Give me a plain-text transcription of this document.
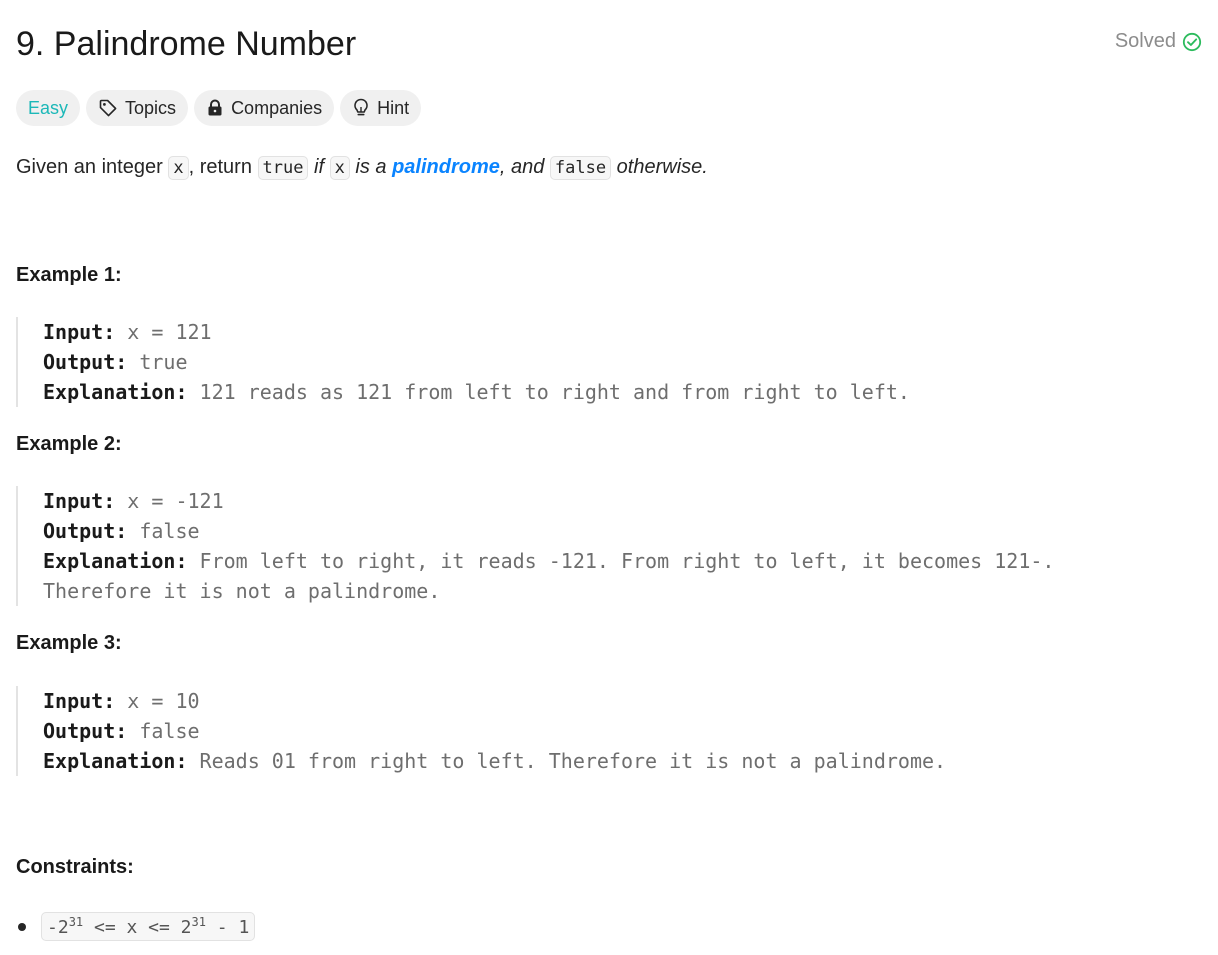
9. Palindrome Number	Solved
Easy	Topics	Companies	Hint
Given an integer x , return true if x is a palindrome, and false otherwise.
Example 1:
Input: x = 121
Output: true
Explanation: 121 reads as 121 from left to right and from right to left.
Example 2:
Input: x = -121
Output: false
Explanation: From left to right, it reads -121. From right to left, it becomes 121-.
Therefore it is not a palindrome.
Example 3:
Input: x = 10
Output: false
Explanation: Reads 01 from right to left. Therefore it is not a palindrome.
Constraints:
$-2^{31} <= x <= 2^{31} - 1$
